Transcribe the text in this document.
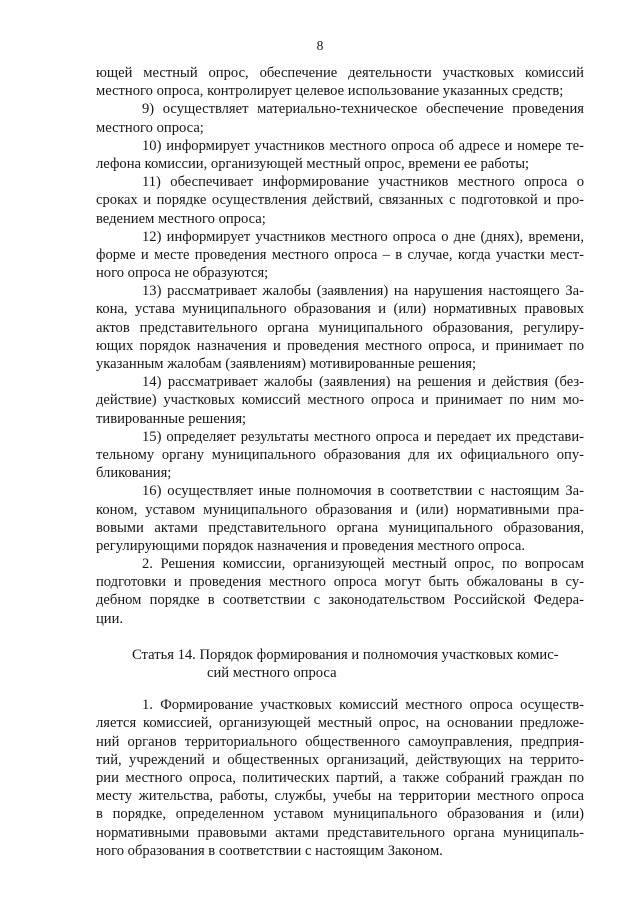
8
ющей местный опрос, обеспечение деятельности участковых комиссий
местного опроса, контролирует целевое использование указанных средств;
9) осуществляет материально-техническое обеспечение проведения
местного опроса;
10) информирует участников местного опроса об адресе и номере те-
лефона комиссии, организующей местный опрос, времени ее работы;
11) обеспечивает информирование участников местного опроса о
сроках и порядке осуществления действий, связанных с подготовкой и про-
ведением местного опроса;
12) информирует участников местного опроса о дне (днях), времени,
форме и месте проведения местного опроса – в случае, когда участки мест-
ного опроса не образуются;
13) рассматривает жалобы (заявления) на нарушения настоящего За-
кона, устава муниципального образования и (или) нормативных правовых
актов представительного органа муниципального образования, регулиру-
ющих порядок назначения и проведения местного опроса, и принимает по
указанным жалобам (заявлениям) мотивированные решения;
14) рассматривает жалобы (заявления) на решения и действия (без-
действие) участковых комиссий местного опроса и принимает по ним мо-
тивированные решения;
15) определяет результаты местного опроса и передает их представи-
тельному органу муниципального образования для их официального опу-
бликования;
16) осуществляет иные полномочия в соответствии с настоящим За-
коном, уставом муниципального образования и (или) нормативными пра-
вовыми актами представительного органа муниципального образования,
регулирующими порядок назначения и проведения местного опроса.
2. Решения комиссии, организующей местный опрос, по вопросам
подготовки и проведения местного опроса могут быть обжалованы в су-
дебном порядке в соответствии с законодательством Российской Федера-
ции.
Статья 14. Порядок формирования и полномочия участковых комис-
сий местного опроса
1. Формирование участковых комиссий местного опроса осуществ-
ляется комиссией, организующей местный опрос, на основании предложе-
ний органов территориального общественного самоуправления, предприя-
тий, учреждений и общественных организаций, действующих на террито-
рии местного опроса, политических партий, а также собраний граждан по
месту жительства, работы, службы, учебы на территории местного опроса
в порядке, определенном уставом муниципального образования и (или)
нормативными правовыми актами представительного органа муниципаль-
ного образования в соответствии с настоящим Законом.
